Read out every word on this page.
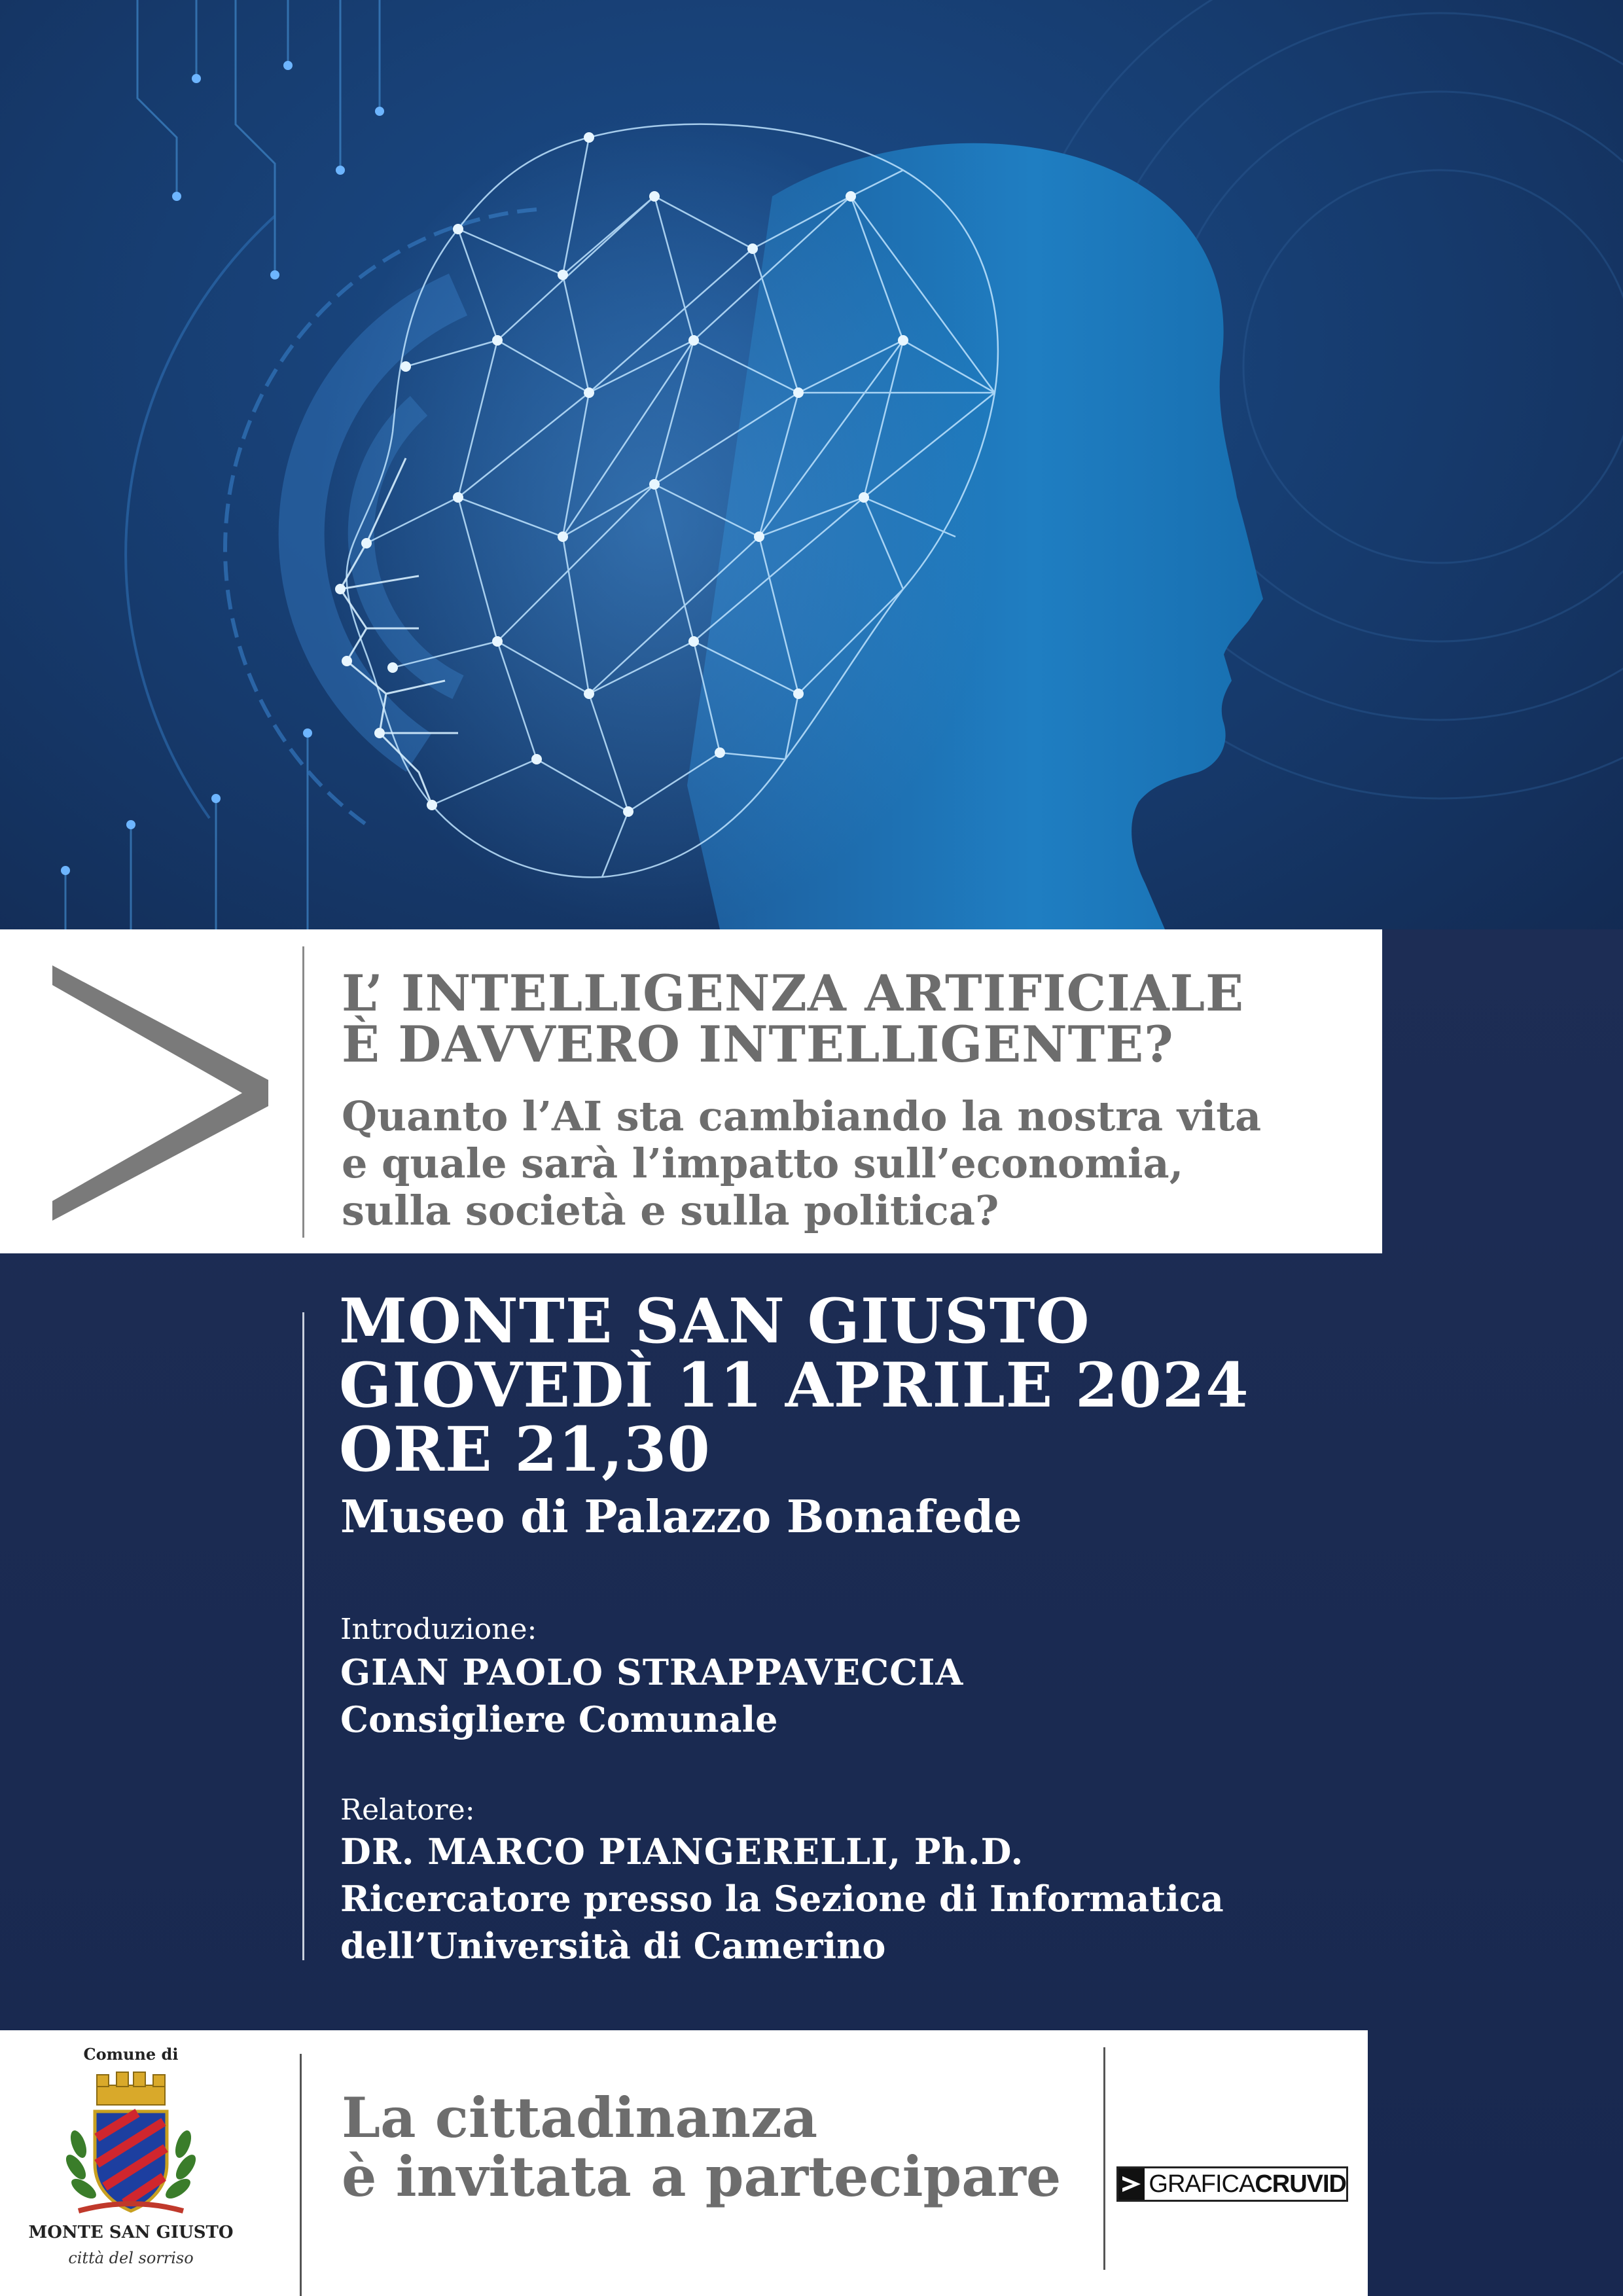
L’ INTELLIGENZA ARTIFICIALE
È DAVVERO INTELLIGENTE?
Quanto l’AI sta cambiando la nostra vita
e quale sarà l’impatto sull’economia,
sulla società e sulla politica?
MONTE SAN GIUSTO
GIOVEDÌ 11 APRILE 2024
ORE 21,30
Museo di Palazzo Bonafede
Introduzione:
GIAN PAOLO STRAPPAVECCIA
Consigliere Comunale
Relatore:
DR. MARCO PIANGERELLI, Ph.D.
Ricercatore presso la Sezione di Informatica
dell’Università di Camerino
Comune di
MONTE SAN GIUSTO
città del sorriso
La cittadinanza
è invitata a partecipare	GRAFICACRUVID
